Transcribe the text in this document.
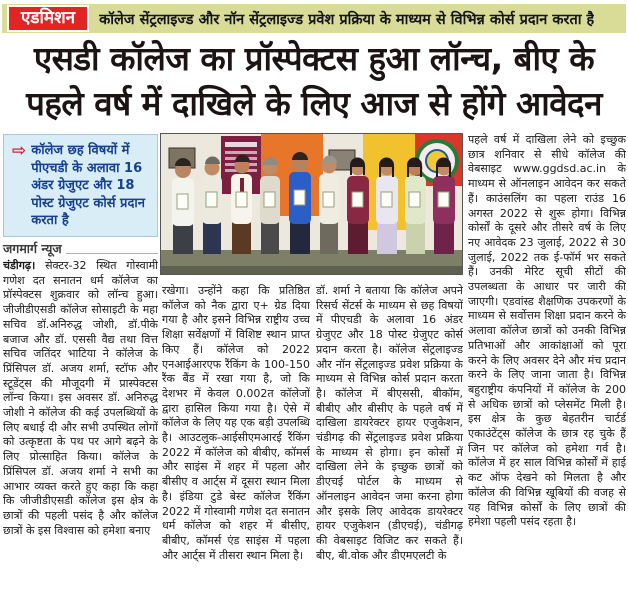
एडमिशन	कॉलेज सेंट्रलाइज्ड और नॉन सेंट्रलाइज्ड प्रवेश प्रक्रिया के माध्यम से विभिन्न कोर्स प्रदान करता है
एसडी कॉलेज का प्रॉस्पेक्टस हुआ लॉन्च, बीए के
पहले वर्ष में दाखिले के लिए आज से होंगे आवेदन
⇨ कॉलेज छह विषयों में पीएचडी के अलावा 16 अंडर ग्रेजुएट और 18 पोस्ट ग्रेजुएट कोर्स प्रदान करता है
जगमार्ग न्यूज
चंडीगढ़। सेक्टर-32 स्थित गोस्वामी गणेश दत सनातन धर्म कॉलेज का प्रॉस्पेक्टस शुक्रवार को लॉन्च हुआ। जीजीडीएसडी कॉलेज सोसाइटी के महा सचिव डॉ.अनिरुद्ध जोशी, डॉ.पीके बजाज और डॉ. एससी वैद्य तथा वित्त सचिव जतिंदर भाटिया ने कॉलेज के प्रिंसिपल डॉ. अजय शर्मा, स्टॉफ और स्टूडेंट्स की मौजूदगी में प्रास्पेक्टस लॉन्च किया। इस अवसर डॉ. अनिरुद्ध जोशी ने कॉलेज की कई उपलब्धियों के लिए बधाई दी और सभी उपस्थित लोगों को उत्कृष्टता के पथ पर आगे बढ़ने के लिए प्रोत्साहित किया। कॉलेज के प्रिंसिपल डॉ. अजय शर्मा ने सभी का आभार व्यक्त करते हुए कहा कि कहा कि जीजीडीएसडी कॉलेज इस क्षेत्र के छात्रों की पहली पसंद है और कॉलेज छात्रों के इस विश्वास को हमेशा बनाए
रखेगा। उन्होंने कहा कि प्रतिष्ठित कॉलेज को नैक द्वारा ए+ ग्रेड दिया गया है और इसने विभिन्न राष्ट्रीय उच्च शिक्षा सर्वेक्षणों में विशिष्ट स्थान प्राप्त किए हैं। कॉलेज को 2022 एनआईआरएफ रैंकिंग के 100-150 रैंक बैंड में रखा गया है, जो कि देशभर में केवल 0.002त कॉलेजों द्वारा हासिल किया गया है। ऐसे में कॉलेज के लिए यह एक बड़ी उपलब्धि है। आउटलुक-आईसीएमआरई रैंकिंग 2022 में कॉलेज को बीबीए, कॉमर्स और साइंस में शहर में पहला और बीसीए व आर्ट्स में दूसरा स्थान मिला है। इंडिया टुडे बेस्ट कॉलेज रैंकिंग 2022 में गोस्वामी गणेश दत सनातन धर्म कॉलेज को शहर में बीसीए, बीबीए, कॉमर्स एंड साइंस में पहला और आर्ट्स में तीसरा स्थान मिला है।
डॉ. शर्मा ने बताया कि कॉलेज अपने रिसर्च सेंटर्स के माध्यम से छह विषयों में पीएचडी के अलावा 16 अंडर ग्रेजुएट और 18 पोस्ट ग्रेजुएट कोर्स प्रदान करता है। कॉलेज सेंट्रलाइज्ड और नॉन सेंट्रलाइज्ड प्रवेश प्रक्रिया के माध्यम से विभिन्न कोर्स प्रदान करता है। कॉलेज में बीएससी, बीकॉम, बीबीए और बीसीए के पहले वर्ष में दाखिला डायरेक्टर हायर एजुकेशन, चंडीगढ़ की सेंट्रलाइज्ड प्रवेश प्रक्रिया के माध्यम से होगा। इन कोर्सों में दाखिला लेने के इच्छुक छात्रों को डीएचई पोर्टल के माध्यम से ऑनलाइन आवेदन जमा करना होगा और इसके लिए आवेदक डायरेक्टर हायर एजुकेशन (डीएचई), चंडीगढ़ की वेबसाइट विजिट कर सकते हैं। बीए, बी.वोक और डीएमएलटी के
पहले वर्ष में दाखिला लेने को इच्छुक छात्र शनिवार से सीधे कॉलेज की वेबसाइट www.ggdsd.ac.in के माध्यम से ऑनलाइन आवेदन कर सकते हैं। काउंसलिंग का पहला राउंड 16 अगस्त 2022 से शुरू होगा। विभिन्न कोर्सों के दूसरे और तीसरे वर्ष के लिए नए आवेदक 23 जुलाई, 2022 से 30 जुलाई, 2022 तक ई-फॉर्म भर सकते हैं। उनकी मेरिट सूची सीटों की उपलब्धता के आधार पर जारी की जाएगी। एडवांस्ड शैक्षणिक उपकरणों के माध्यम से सर्वोत्तम शिक्षा प्रदान करने के अलावा कॉलेज छात्रों को उनकी विभिन्न प्रतिभाओं और आकांक्षाओं को पूरा करने के लिए अवसर देने और मंच प्रदान करने के लिए जाना जाता है। विभिन्न बहुराष्ट्रीय कंपनियों में कॉलेज के 200 से अधिक छात्रों को प्लेसमेंट मिली है। इस क्षेत्र के कुछ बेहतरीन चार्टर्ड एकाउंटेंट्स कॉलेज के छात्र रह चुके हैं जिन पर कॉलेज को हमेशा गर्व है। कॉलेज में हर साल विभिन्न कोर्सों में हाई कट ऑफ देखने को मिलता है और कॉलेज की विभिन्न खूबियों की वजह से यह विभिन्न कोर्सों के लिए छात्रों की हमेशा पहली पसंद रहता है।
